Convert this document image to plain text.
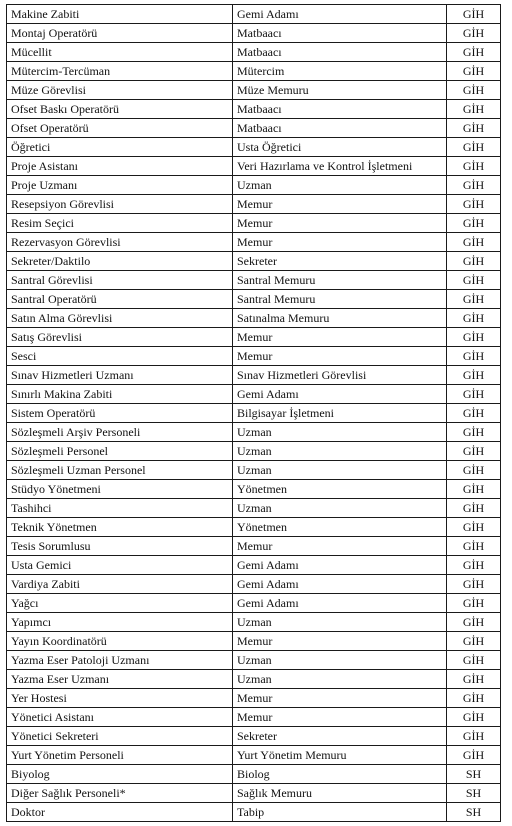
Makine Zabiti	Gemi Adamı	GİH
Montaj Operatörü	Matbaacı	GİH
Mücellit	Matbaacı	GİH
Mütercim-Tercüman	Mütercim	GİH
Müze Görevlisi	Müze Memuru	GİH
Ofset Baskı Operatörü	Matbaacı	GİH
Ofset Operatörü	Matbaacı	GİH
Öğretici	Usta Öğretici	GİH
Proje Asistanı	Veri Hazırlama ve Kontrol İşletmeni	GİH
Proje Uzmanı	Uzman	GİH
Resepsiyon Görevlisi	Memur	GİH
Resim Seçici	Memur	GİH
Rezervasyon Görevlisi	Memur	GİH
Sekreter/Daktilo	Sekreter	GİH
Santral Görevlisi	Santral Memuru	GİH
Santral Operatörü	Santral Memuru	GİH
Satın Alma Görevlisi	Satınalma Memuru	GİH
Satış Görevlisi	Memur	GİH
Sesci	Memur	GİH
Sınav Hizmetleri Uzmanı	Sınav Hizmetleri Görevlisi	GİH
Sınırlı Makina Zabiti	Gemi Adamı	GİH
Sistem Operatörü	Bilgisayar İşletmeni	GİH
Sözleşmeli Arşiv Personeli	Uzman	GİH
Sözleşmeli Personel	Uzman	GİH
Sözleşmeli Uzman Personel	Uzman	GİH
Stüdyo Yönetmeni	Yönetmen	GİH
Tashihci	Uzman	GİH
Teknik Yönetmen	Yönetmen	GİH
Tesis Sorumlusu	Memur	GİH
Usta Gemici	Gemi Adamı	GİH
Vardiya Zabiti	Gemi Adamı	GİH
Yağcı	Gemi Adamı	GİH
Yapımcı	Uzman	GİH
Yayın Koordinatörü	Memur	GİH
Yazma Eser Patoloji Uzmanı	Uzman	GİH
Yazma Eser Uzmanı	Uzman	GİH
Yer Hostesi	Memur	GİH
Yönetici Asistanı	Memur	GİH
Yönetici Sekreteri	Sekreter	GİH
Yurt Yönetim Personeli	Yurt Yönetim Memuru	GİH
Biyolog	Biolog	SH
Diğer Sağlık Personeli*	Sağlık Memuru	SH
Doktor	Tabip	SH
